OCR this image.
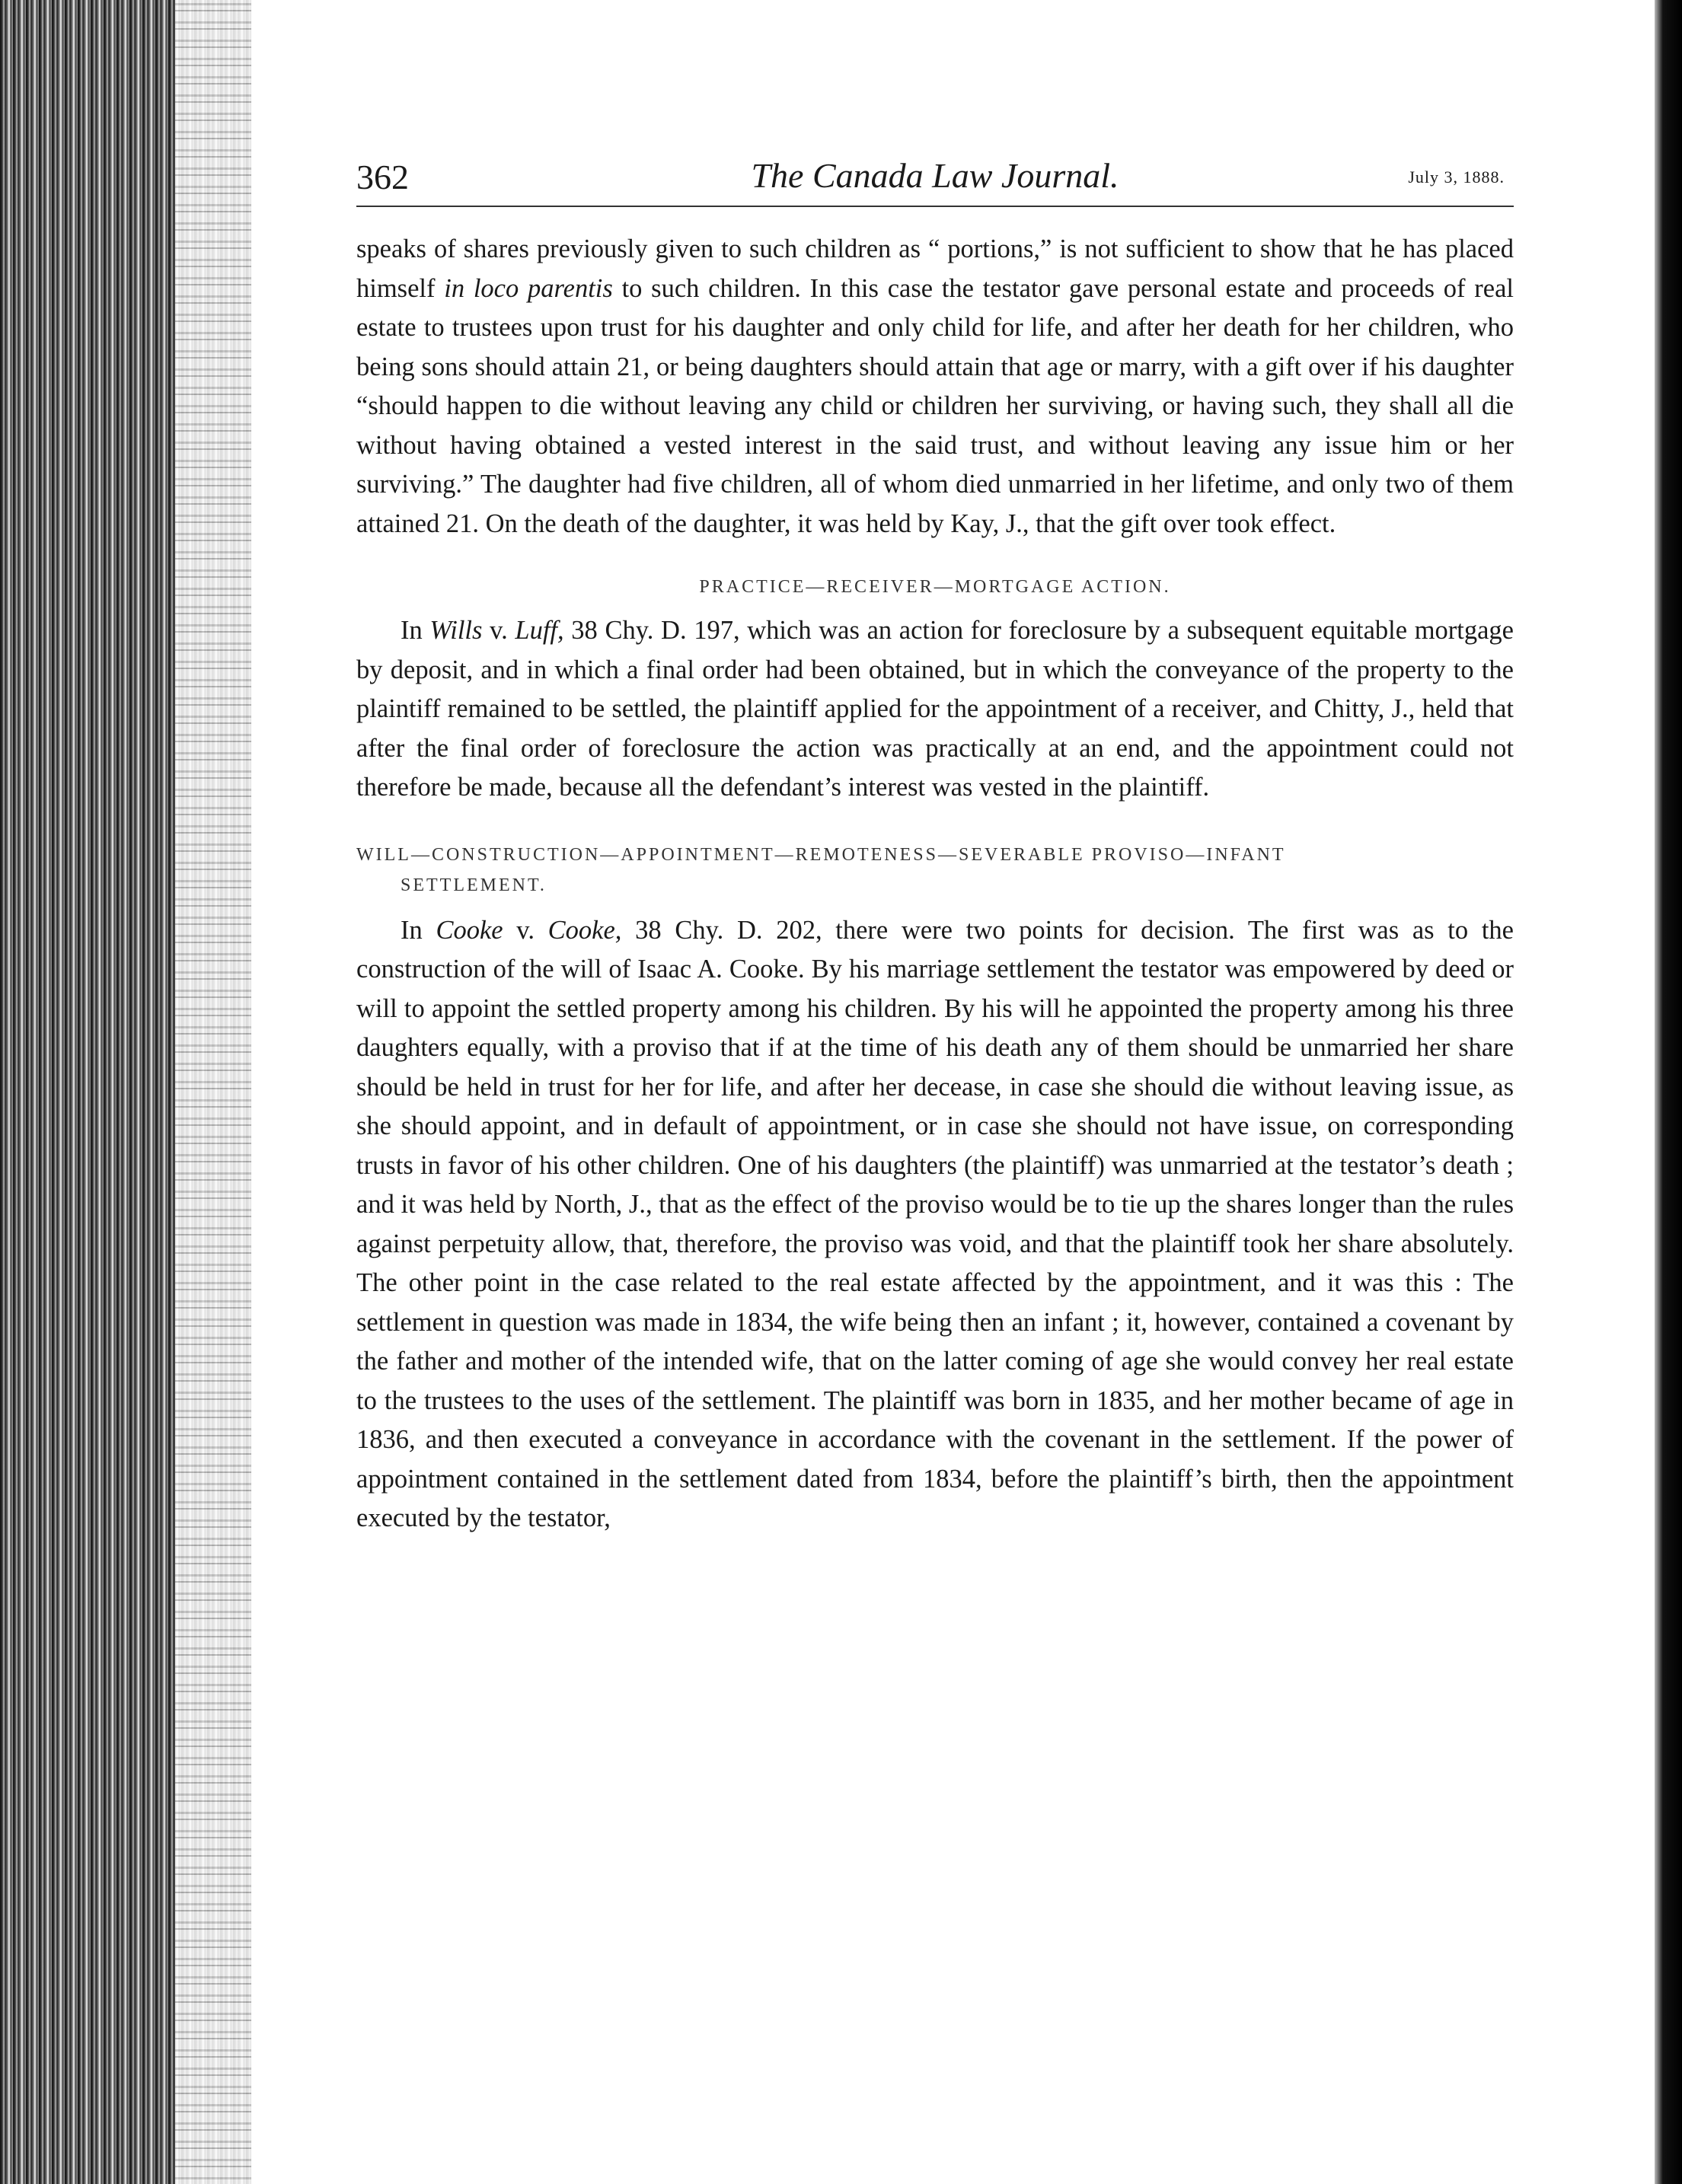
362	The Canada Law Journal.	July 3, 1888.

speaks of shares previously given to such children as “ portions,” is not sufficient to show that he has placed himself in loco parentis to such children. In this case the testator gave personal estate and proceeds of real estate to trustees upon trust for his daughter and only child for life, and after her death for her children, who being sons should attain 21, or being daughters should attain that age or marry, with a gift over if his daughter “should happen to die without leaving any child or children her surviving, or having such, they shall all die without having obtained a vested interest in the said trust, and without leaving any issue him or her surviving.” The daughter had five children, all of whom died unmarried in her lifetime, and only two of them attained 21. On the death of the daughter, it was held by Kay, J., that the gift over took effect.

PRACTICE—RECEIVER—MORTGAGE ACTION.

In Wills v. Luff, 38 Chy. D. 197, which was an action for foreclosure by a subsequent equitable mortgage by deposit, and in which a final order had been obtained, but in which the conveyance of the property to the plaintiff remained to be settled, the plaintiff applied for the appointment of a receiver, and Chitty, J., held that after the final order of foreclosure the action was practically at an end, and the appointment could not therefore be made, because all the defendant’s interest was vested in the plaintiff.

WILL—CONSTRUCTION—APPOINTMENT—REMOTENESS—SEVERABLE PROVISO—INFANT
SETTLEMENT.

In Cooke v. Cooke, 38 Chy. D. 202, there were two points for decision. The first was as to the construction of the will of Isaac A. Cooke. By his marriage settlement the testator was empowered by deed or will to appoint the settled property among his children. By his will he appointed the property among his three daughters equally, with a proviso that if at the time of his death any of them should be unmarried her share should be held in trust for her for life, and after her decease, in case she should die without leaving issue, as she should appoint, and in default of appointment, or in case she should not have issue, on corresponding trusts in favor of his other children. One of his daughters (the plaintiff) was unmarried at the testator’s death ; and it was held by North, J., that as the effect of the proviso would be to tie up the shares longer than the rules against perpetuity allow, that, therefore, the proviso was void, and that the plaintiff took her share absolutely. The other point in the case related to the real estate affected by the appointment, and it was this : The settlement in question was made in 1834, the wife being then an infant ; it, however, contained a covenant by the father and mother of the intended wife, that on the latter coming of age she would convey her real estate to the trustees to the uses of the settlement. The plaintiff was born in 1835, and her mother became of age in 1836, and then executed a conveyance in accordance with the covenant in the settlement. If the power of appointment contained in the settlement dated from 1834, before the plaintiff’s birth, then the appointment executed by the testator,
